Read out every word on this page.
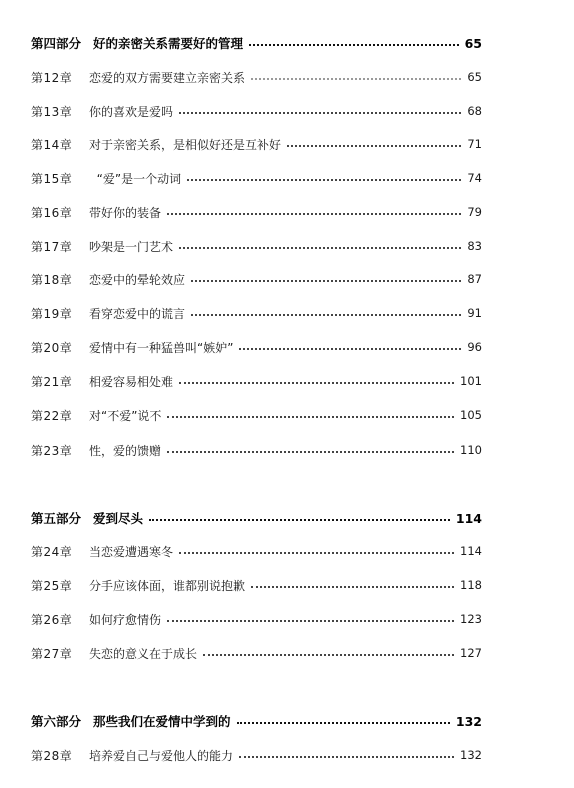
第四部分 好的亲密关系需要好的管理	65
第12章	恋爱的双方需要建立亲密关系	65
第13章	你的喜欢是爱吗	68
第14章	对于亲密关系，是相似好还是互补好	71
第15章	“爱”是一个动词	74
第16章	带好你的装备	79
第17章	吵架是一门艺术	83
第18章	恋爱中的晕轮效应	87
第19章	看穿恋爱中的谎言	91
第20章	爱情中有一种猛兽叫“嫉妒”	96
第21章	相爱容易相处难	101
第22章	对“不爱”说不	105
第23章	性，爱的馈赠	110
第五部分 爱到尽头	114
第24章	当恋爱遭遇寒冬	114
第25章	分手应该体面，谁都别说抱歉	118
第26章	如何疗愈情伤	123
第27章	失恋的意义在于成长	127
第六部分 那些我们在爱情中学到的	132
第28章	培养爱自己与爱他人的能力	132
